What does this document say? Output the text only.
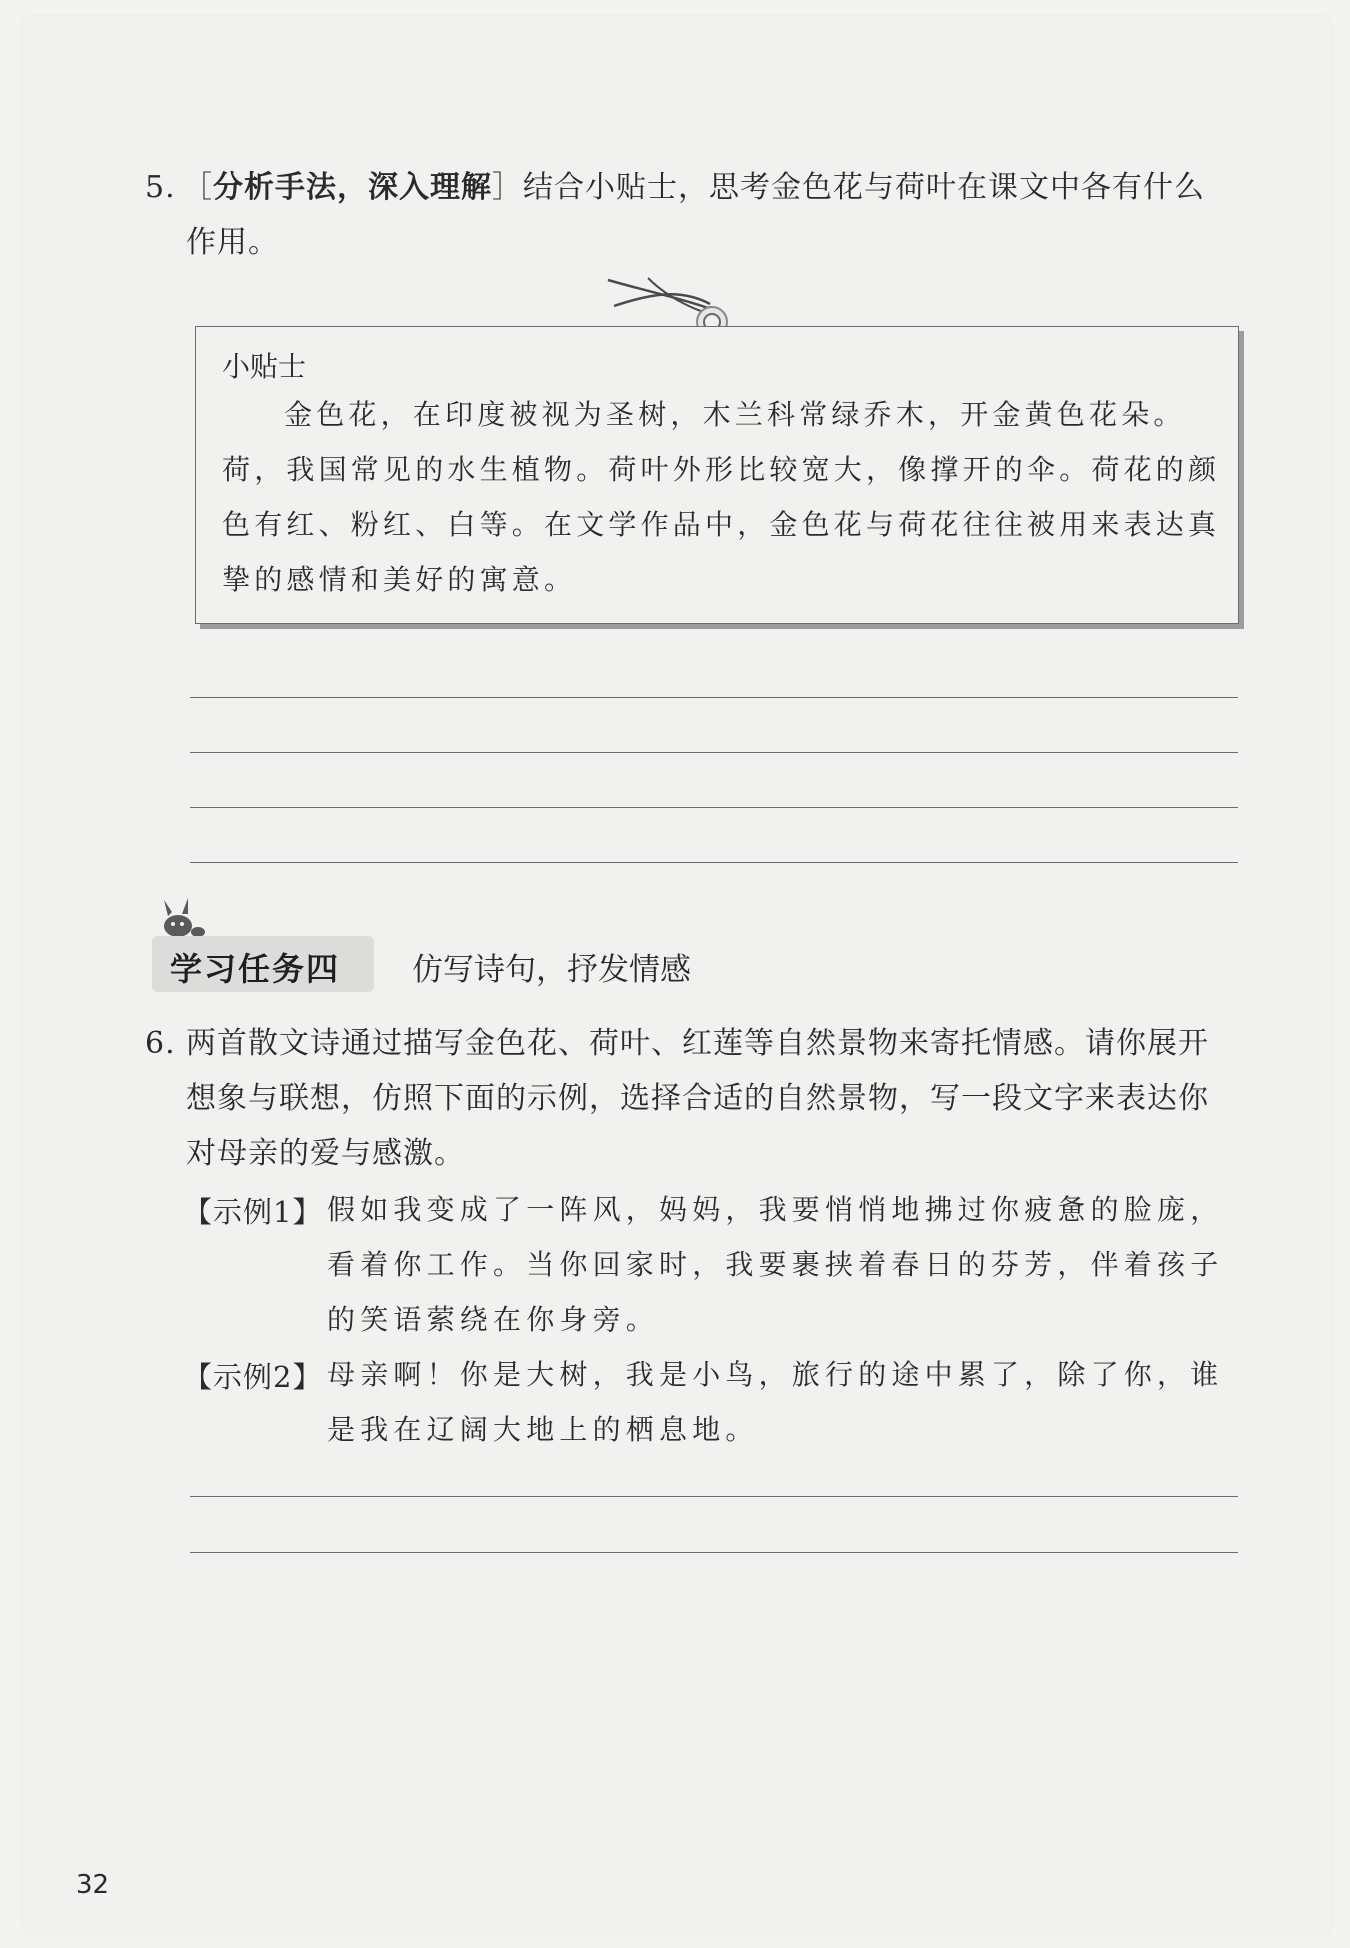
5. ［分析手法，深入理解］结合小贴士，思考金色花与荷叶在课文中各有什么
作用。
小贴士

金色花，在印度被视为圣树，木兰科常绿乔木，开金黄色花朵。

荷，我国常见的水生植物。荷叶外形比较宽大，像撑开的伞。荷花的颜色有红、粉红、白等。在文学作品中，金色花与荷花往往被用来表达真挚的感情和美好的寓意。

学习任务四 仿写诗句，抒发情感
6. 两首散文诗通过描写金色花、荷叶、红莲等自然景物来寄托情感。请你展开
想象与联想，仿照下面的示例，选择合适的自然景物，写一段文字来表达你
对母亲的爱与感激。
【示例1】 假如我变成了一阵风，妈妈，我要悄悄地拂过你疲惫的脸庞，看着你工作。当你回家时，我要裹挟着春日的芬芳，伴着孩子的笑语萦绕在你身旁。
【示例2】 母亲啊！你是大树，我是小鸟，旅行的途中累了，除了你，谁是我在辽阔大地上的栖息地。
32
